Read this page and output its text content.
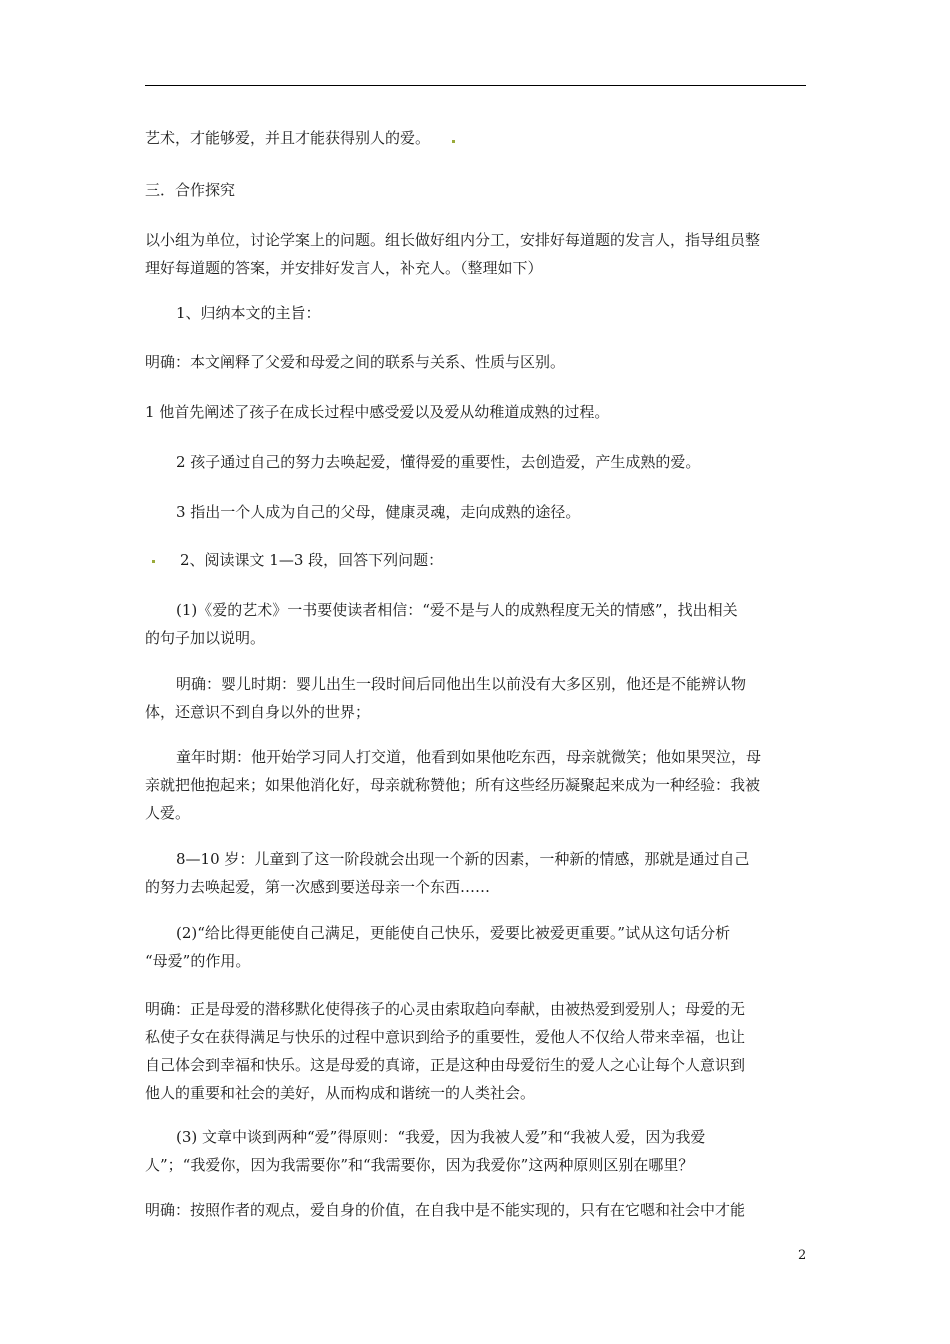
艺术，才能够爱，并且才能获得别人的爱。
三．合作探究
以小组为单位，讨论学案上的问题。组长做好组内分工，安排好每道题的发言人，指导组员整
理好每道题的答案，并安排好发言人，补充人。（整理如下）
1、归纳本文的主旨：
明确：本文阐释了父爱和母爱之间的联系与关系、性质与区别。
1 他首先阐述了孩子在成长过程中感受爱以及爱从幼稚道成熟的过程。
2 孩子通过自己的努力去唤起爱，懂得爱的重要性，去创造爱，产生成熟的爱。
3 指出一个人成为自己的父母，健康灵魂，走向成熟的途径。
2、阅读课文 1—3 段，回答下列问题：
(1)《爱的艺术》一书要使读者相信：“爱不是与人的成熟程度无关的情感”，找出相关
的句子加以说明。
明确：婴儿时期：婴儿出生一段时间后同他出生以前没有大多区别，他还是不能辨认物
体，还意识不到自身以外的世界；
童年时期：他开始学习同人打交道，他看到如果他吃东西，母亲就微笑；他如果哭泣，母
亲就把他抱起来；如果他消化好，母亲就称赞他；所有这些经历凝聚起来成为一种经验：我被
人爱。
8—10 岁：儿童到了这一阶段就会出现一个新的因素，一种新的情感，那就是通过自己
的努力去唤起爱，第一次感到要送母亲一个东西……
(2)“给比得更能使自己满足，更能使自己快乐，爱要比被爱更重要。”试从这句话分析
“母爱”的作用。
明确：正是母爱的潜移默化使得孩子的心灵由索取趋向奉献，由被热爱到爱别人；母爱的无
私使子女在获得满足与快乐的过程中意识到给予的重要性，爱他人不仅给人带来幸福，也让
自己体会到幸福和快乐。这是母爱的真谛，正是这种由母爱衍生的爱人之心让每个人意识到
他人的重要和社会的美好，从而构成和谐统一的人类社会。
(3) 文章中谈到两种“爱”得原则：“我爱，因为我被人爱”和“我被人爱，因为我爱
人”；“我爱你，因为我需要你”和“我需要你，因为我爱你”这两种原则区别在哪里？
明确：按照作者的观点，爱自身的价值，在自我中是不能实现的，只有在它嗯和社会中才能
2
